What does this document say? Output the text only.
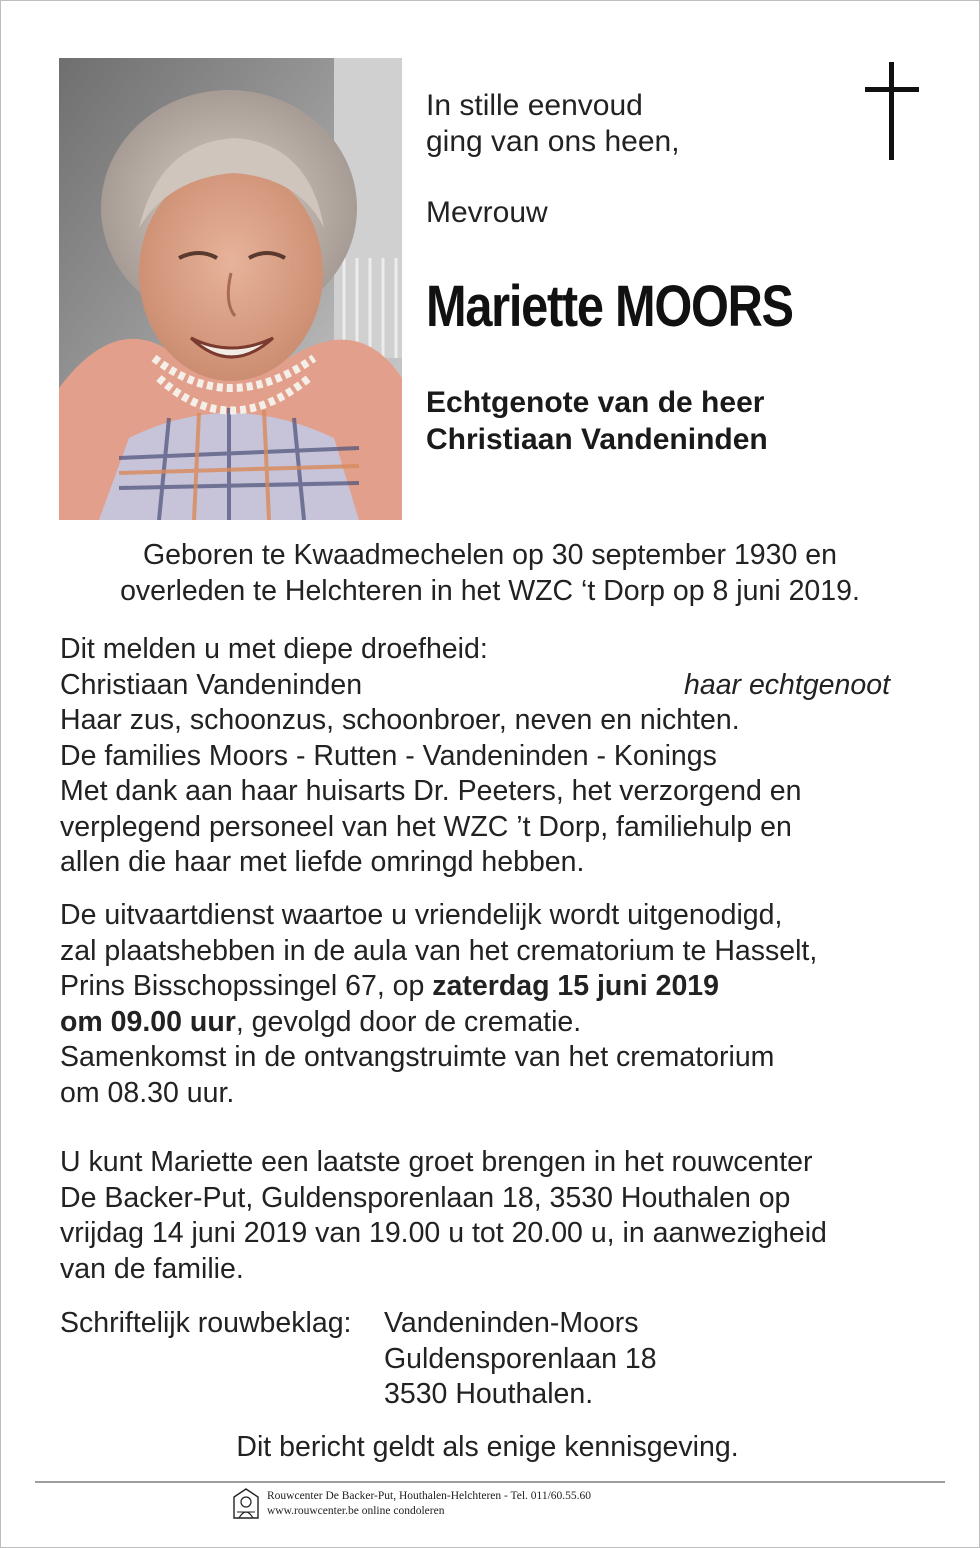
In stille eenvoud
ging van ons heen,
Mevrouw
Mariette MOORS
Echtgenote van de heer
Christiaan Vandeninden
Geboren te Kwaadmechelen op 30 september 1930 en
overleden te Helchteren in het WZC ‘t Dorp op 8 juni 2019.
Dit melden u met diepe droefheid:
Christiaan Vandeninden	haar echtgenoot
Haar zus, schoonzus, schoonbroer, neven en nichten.
De families Moors - Rutten - Vandeninden - Konings
Met dank aan haar huisarts Dr. Peeters, het verzorgend en
verplegend personeel van het WZC ’t Dorp, familiehulp en
allen die haar met liefde omringd hebben.
De uitvaartdienst waartoe u vriendelijk wordt uitgenodigd,
zal plaatshebben in de aula van het crematorium te Hasselt,
Prins Bisschopssingel 67, op zaterdag 15 juni 2019
om 09.00 uur, gevolgd door de crematie.
Samenkomst in de ontvangstruimte van het crematorium
om 08.30 uur.
U kunt Mariette een laatste groet brengen in het rouwcenter
De Backer-Put, Guldensporenlaan 18, 3530 Houthalen op
vrijdag 14 juni 2019 van 19.00 u tot 20.00 u, in aanwezigheid
van de familie.
Schriftelijk rouwbeklag: Vandeninden-Moors
Guldensporenlaan 18
3530 Houthalen.
Dit bericht geldt als enige kennisgeving.
Rouwcenter De Backer-Put, Houthalen-Helchteren - Tel. 011/60.55.60
www.rouwcenter.be online condoleren
